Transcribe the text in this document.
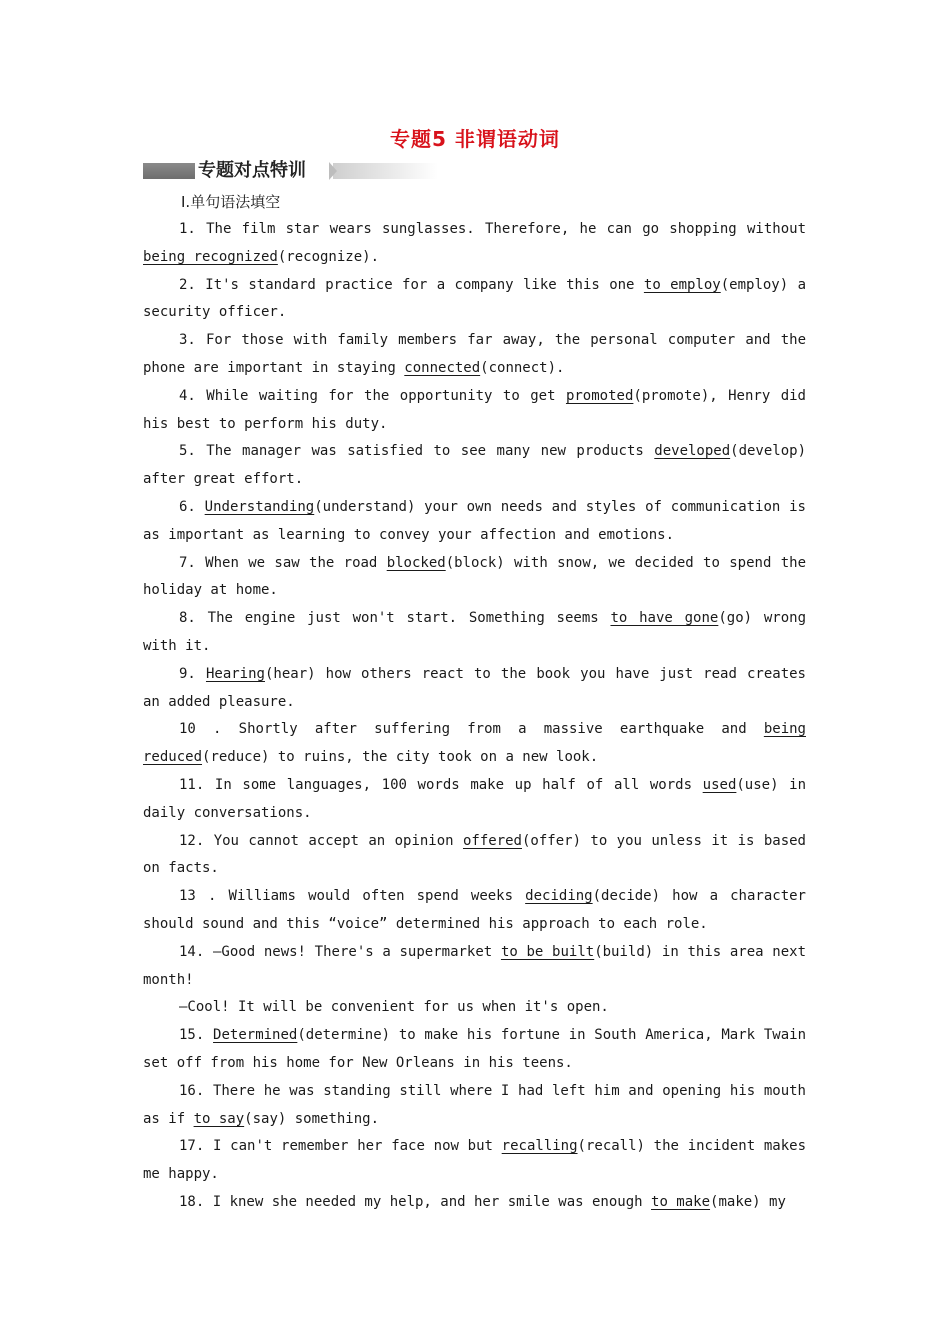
专题5 非谓语动词
专题对点特训
Ⅰ.单句语法填空

1. The film star wears sunglasses. Therefore, he can go shopping without being recognized(recognize).

2. It's standard practice for a company like this one to employ(employ) a security officer.

3. For those with family members far away, the personal computer and the phone are important in staying connected(connect).

4. While waiting for the opportunity to get promoted(promote), Henry did his best to perform his duty.

5. The manager was satisfied to see many new products developed(develop) after great effort.

6. Understanding(understand) your own needs and styles of communication is as important as learning to convey your affection and emotions.

7. When we saw the road blocked(block) with snow, we decided to spend the holiday at home.

8. The engine just won't start. Something seems to have gone(go) wrong with it.

9. Hearing(hear) how others react to the book you have just read creates an added pleasure.

10 . Shortly after suffering from a massive earthquake and being reduced(reduce) to ruins, the city took on a new look.

11. In some languages, 100 words make up half of all words used(use) in daily conversations.

12. You cannot accept an opinion offered(offer) to you unless it is based on facts.

13 . Williams would often spend weeks deciding(decide) how a character should sound and this “voice” determined his approach to each role.

14. —Good news! There's a supermarket to be built(build) in this area next month!

—Cool! It will be convenient for us when it's open.

15. Determined(determine) to make his fortune in South America, Mark Twain set off from his home for New Orleans in his teens.

16. There he was standing still where I had left him and opening his mouth as if to say(say) something.

17. I can't remember her face now but recalling(recall) the incident makes me happy.

18. I knew she needed my help, and her smile was enough to make(make) my
